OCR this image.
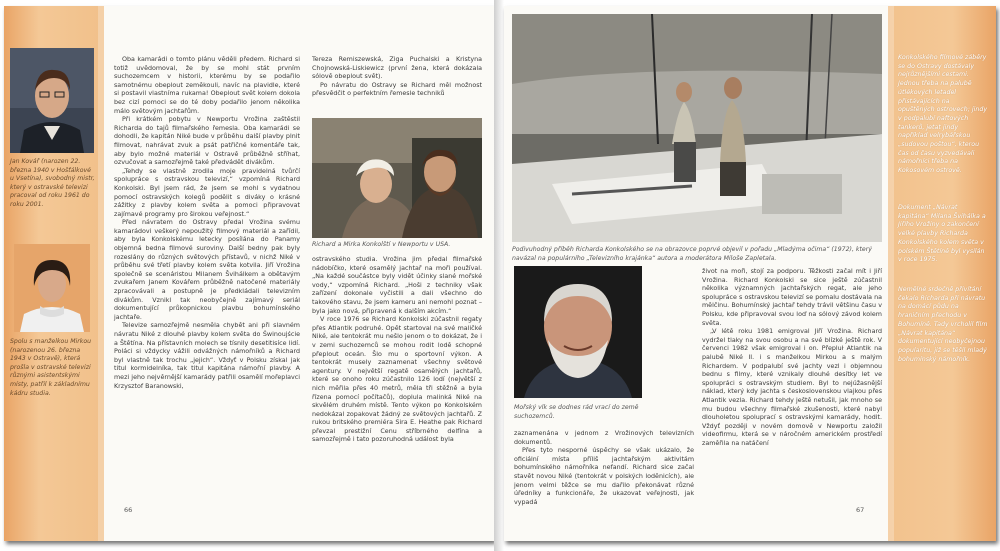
Jan Kovář (narozen 22. března 1940 v Hošťálkové u Vsetína), svobodný mistr, který v ostravské televizi pracoval od roku 1961 do roku 2001.
Spolu s manželkou Mirkou (narozenou 26. března 1943 v Ostravě), která prošla v ostravské televizi různými asistentskými místy, patřil k základnímu kádru studia.

Oba kamarádi o tomto plánu věděli předem. Richard si totiž uvědomoval, že by se mohl stát prvním suchozemcem v historii, kterému by se podařilo samotnému obeplout zeměkouli, navíc na plavidle, které si postavil vlastníma rukama! Obeplout svět kolem dokola bez cizí pomoci se do té doby podařilo jenom několika málo světovým jachtařům.

Při krátkém pobytu v Newportu Vrožina zaštěstil Richarda do tajů filmařského řemesla. Oba kamarádi se dohodli, že kapitán Niké bude v průběhu další plavby plnit filmovat, nahrávat zvuk a psát patřičné komentáře tak, aby bylo možné materiál v Ostravě průběžně stříhat, ozvučovat a samozřejmě také předvádět divákům.

„Tehdy se vlastně zrodila moje pravidelná tvůrčí spolupráce s ostravskou televizí,“ vzpomíná Richard Konkolski. Byl jsem rád, že jsem se mohl s vydatnou pomocí ostravských kolegů podělit s diváky o krásné zážitky z plavby kolem světa a pomoci připravovat zajímavé programy pro širokou veřejnost.“

Před návratem do Ostravy předal Vrožina svému kamarádovi veškerý nepoužitý filmový materiál a zařídil, aby byla Konkolskému letecky posílána do Panamy objemná bedna filmové suroviny. Další bedny pak byly rozeslány do různých světových přístavů, v nichž Niké v průběhu své třetí plavby kolem světa kotvila. Jiří Vrožina společně se scenáristou Milanem Švihálkem a obětavým zvukařem Janem Kovářem průběžně natočené materiály zpracovávali a postupně je předkládali televizním divákům. Vznikl tak neobyčejně zajímavý seriál dokumentující průkopnickou plavbu bohumínského jachtaře.

Televize samozřejmě nesměla chybět ani při slavném návratu Niké z dlouhé plavby kolem světa do Świnoujście a Štětína. Na přístavních molech se tísnily desetitisíce lidí. Poláci si vždycky vážili odvážných námořníků a Richard byl vlastně tak trochu „jejich“. Vždyť v Polsku získal jak titul kormidelníka, tak titul kapitána námořní plavby. A mezi jeho nejvěrnější kamarády patřili osamělí mořeplavci Krzysztof Baranowski,

Tereza Remiszewská, Ziga Puchalski a Kristyna Chojnowská-Liskiewicz (první žena, která dokázala sólově obeplout svět).

Po návratu do Ostravy se Richard měl možnost přesvědčit o perfektním řemesle techniků

Richard a Mirka Konkolští v Newportu v USA.

ostravského studia. Vrožina jim předal filmařské nádobíčko, které osamělý jachtař na moři používal. „Na každé součástce byly vidět účinky slané mořské vody,“ vzpomíná Richard. „Hoši z techniky však zařízení dokonale vyčistili a dali všechno do takového stavu, že jsem kameru ani nemohl poznat – byla jako nová, připravená k dalším akcím.“

V roce 1976 se Richard Konkolski zúčastnil regaty přes Atlantik podruhé. Opět startoval na své maličké Niké, ale tentokrát mu nešlo jenom o to dokázat, že i v zemi suchozemců se mohou rodit lodě schopné přeplout oceán. Šlo mu o sportovní výkon. A tentokrát musely zaznamenat všechny světové agentury. V největší regatě osamělých jachtařů, které se onoho roku zúčastnilo 126 lodí (největší z nich měřila přes 40 metrů, měla tři stěžně a byla řízena pomocí počítačů), doplula malinká Niké na skvělém druhém místě. Tento výkon po Konkolském nedokázal zopakovat žádný ze světových jachtařů. Z rukou britského premiéra Sira E. Heathe pak Richard převzal prestižní Cenu stříbrného delfína a samozřejmě i tato pozoruhodná událost byla

66
Podivuhodný příběh Richarda Konkolského se na obrazovce poprvé objevil v pořadu „Mladýma očima“ (1972), který navázal na populárního „Televizního krajánka“ autora a moderátora Miloše Zapletala.
Mořský vlk se dodnes rád vrací do země suchozemců.

zaznamenána v jednom z Vrožinových televizních dokumentů.

Přes tyto nesporné úspěchy se však ukázalo, že oficiální místa příliš jachtařským aktivitám bohumínského námořníka nefandí. Richard sice začal stavět novou Niké (tentokrát v polských loděnicích), ale jenom velmi těžce se mu dařilo překonávat různé úředníky a funkcionáře, že ukazovat veřejnosti, jak vypadá

život na moři, stojí za podporu. Těžkosti začal mít i Jiří Vrožina. Richard Konkolski se sice ještě zúčastnil několika významných jachtařských regat, ale jeho spolupráce s ostravskou televizí se pomalu dostávala na mělčinu. Bohumínský jachtař tehdy trávil většinu času v Polsku, kde připravoval svou loď na sólový závod kolem světa.

„V létě roku 1981 emigroval Jiří Vrožina. Richard vydržel tlaky na svou osobu a na své blízké ještě rok. V červenci 1982 však emigroval i on. Přepluł Atlantik na palubě Niké II. i s manželkou Mirkou a s malým Richardem. V podpalubí své jachty vezl i objemnou bednu s filmy, které vznikaly dlouhé desítky let ve spolupráci s ostravským studiem. Byl to nejúžasnější náklad, který kdy jachta s československou vlajkou přes Atlantik vezla. Richard tehdy ještě netušil, jak mnoho se mu budou všechny filmařské zkušenosti, které nabyl dlouholetou spoluprací s ostravskými kamarády, hodit. Vždyť později v novém domově v Newportu založil videofirmu, která se v náročném americkém prostředí zaměřila na natáčení

67
Konkolského filmové záběry se do Ostravy dostávaly nejrůznějšími cestami. Jednou třeba na palubě útlékových letadel přistávajících na opuštěných ostrovech; jindy v podpalubí naftových tankerů, jetat jindy například velrybářskou „sudovou poštou“, kterou čas od času vyzvedávali námořníci třeba na Kokosovém ostrově.
Dokument „Návrat kapitána“ Milana Švihálka a Jiřího Vrožiny o zakončení velké plavby Richarda Konkolského kolem světa v polském Štětíně byl vysílán v roce 1975.
Nemělné srdečně přivítání čekalo Richarda při návratu na domácí půdu na hraničním přechodu v Bohumíně. Tady vrcholil film „Návrat kapitána“ dokumentující neobyčejnou popularitu, již se těšil mladý bohumínský námořník.
